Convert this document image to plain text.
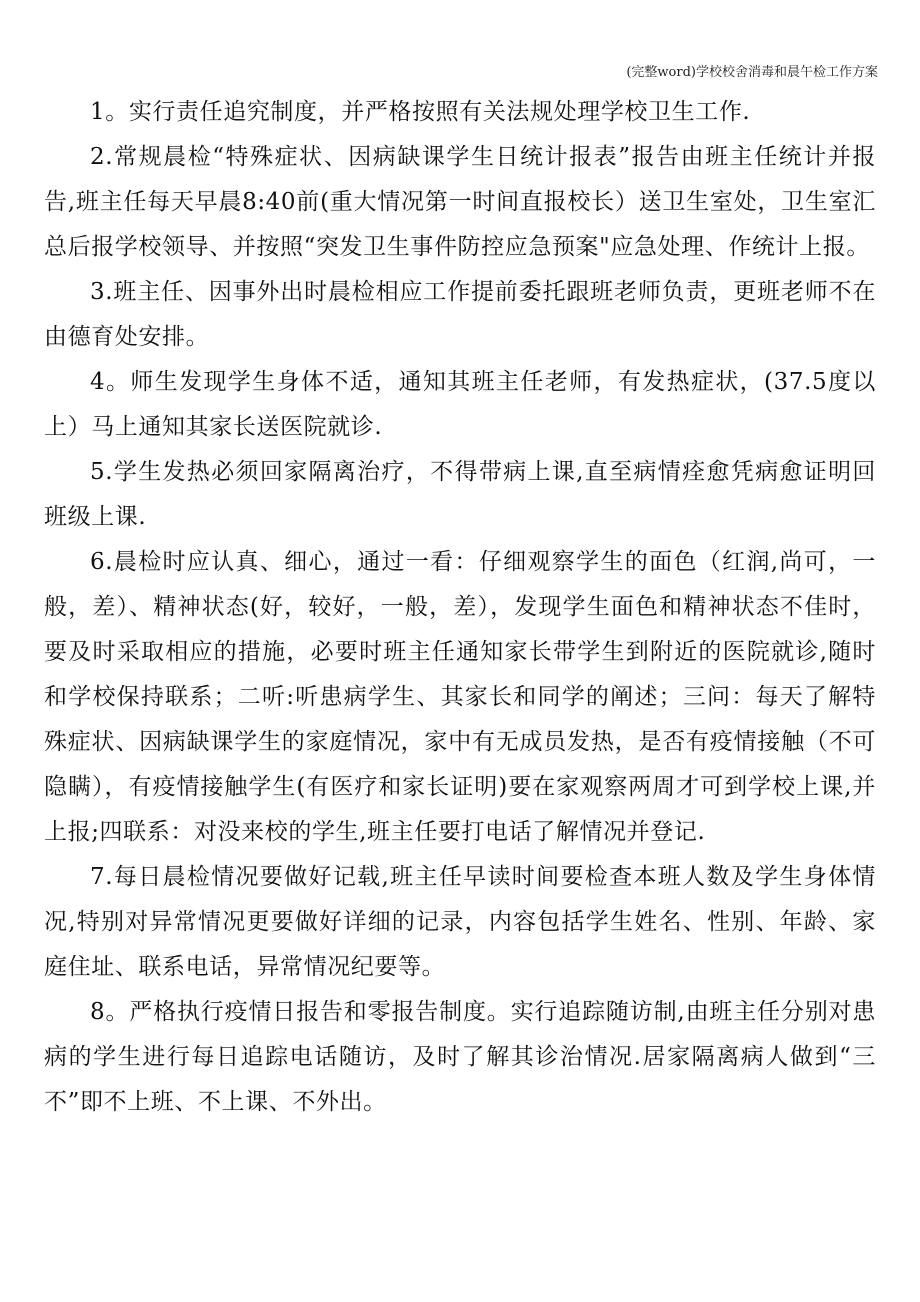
(完整word)学校校舍消毒和晨午检工作方案

1。实行责任追究制度，并严格按照有关法规处理学校卫生工作.

2.常规晨检“特殊症状、因病缺课学生日统计报表”报告由班主任统计并报告,班主任每天早晨8:40前(重大情况第一时间直报校长）送卫生室处，卫生室汇总后报学校领导、并按照“突发卫生事件防控应急预案"应急处理、作统计上报。

3.班主任、因事外出时晨检相应工作提前委托跟班老师负责，更班老师不在由德育处安排。

4。师生发现学生身体不适，通知其班主任老师，有发热症状，(37.5度以上）马上通知其家长送医院就诊.

5.学生发热必须回家隔离治疗，不得带病上课,直至病情痊愈凭病愈证明回班级上课.

6.晨检时应认真、细心，通过一看：仔细观察学生的面色（红润,尚可，一般，差）、精神状态(好，较好，一般，差），发现学生面色和精神状态不佳时，要及时采取相应的措施，必要时班主任通知家长带学生到附近的医院就诊,随时和学校保持联系；二听:听患病学生、其家长和同学的阐述；三问：每天了解特殊症状、因病缺课学生的家庭情况，家中有无成员发热，是否有疫情接触（不可隐瞒），有疫情接触学生(有医疗和家长证明)要在家观察两周才可到学校上课,并上报;四联系：对没来校的学生,班主任要打电话了解情况并登记.

7.每日晨检情况要做好记载,班主任早读时间要检查本班人数及学生身体情况,特别对异常情况更要做好详细的记录，内容包括学生姓名、性别、年龄、家庭住址、联系电话，异常情况纪要等。

8。严格执行疫情日报告和零报告制度。实行追踪随访制,由班主任分别对患病的学生进行每日追踪电话随访，及时了解其诊治情况.居家隔离病人做到“三不”即不上班、不上课、不外出。
